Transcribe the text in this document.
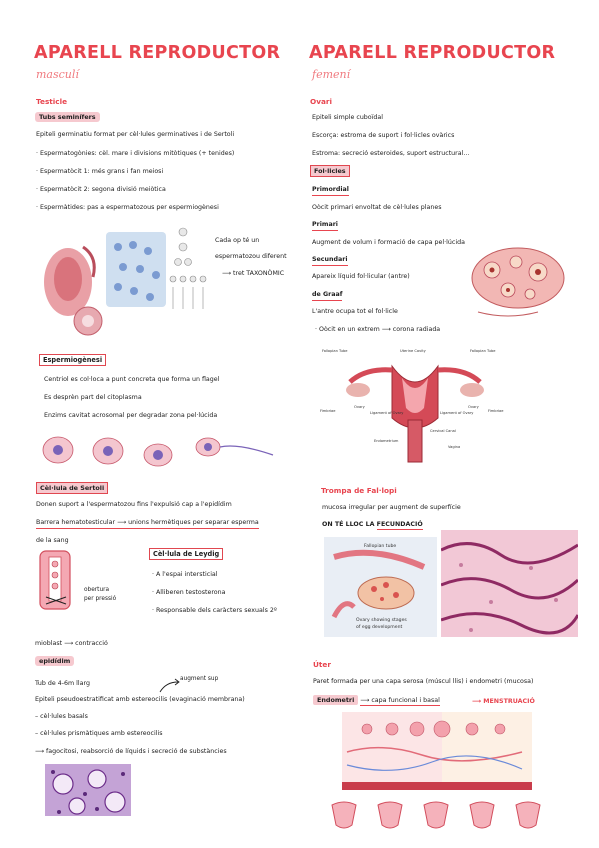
APARELL REPRODUCTOR
masculí
Testicle
Tubs seminífers
Epiteli germinatiu format per cèl·lules germinatives i de Sertoli
· Espermatogònies: cèl. mare i divisions mitòtiques (+ tenides)
· Espermatòcit 1: més grans i fan meiosi
· Espermatòcit 2: segona divisió meiòtica
· Espermàtides: pas a espermatozous per espermiogènesi
Cada op té un
espermatozou diferent
⟶ tret TAXONÒMIC
Espermiogènesi
Centriol es col·loca a punt concreta que forma un flagel
Es desprèn part del citoplasma
Enzims cavitat acrosomal per degradar zona pel·lúcida
Cèl·lula de Sertoli
Donen suport a l'espermatozou fins l'expulsió cap a l'epidídim
Barrera hematotesticular ⟶ unions hermètiques per separar esperma
de la sang
obertura
per pressió
Cèl·lula de Leydig
· A l'espai intersticial
· Alliberen testosterona
· Responsable dels caràcters sexuals 2º
mioblast ⟶ contracció
epidídim
augment sup
Tub de 4-6m llarg
Epiteli pseudoestratificat amb estereocilis (evaginació membrana)
– cèl·lules basals
– cèl·lules prismàtiques amb estereocilis
⟶ fagocitosi, reabsorció de líquids i secreció de substàncies
APARELL REPRODUCTOR
femení
Ovari
Epiteli simple cuboïdal
Escorça: estroma de suport i fol·licles ovàrics
Estroma: secreció esteroides, suport estructural...
Fol·licles
Primordial
Oòcit primari envoltat de cèl·lules planes
Primari
Augment de volum i formació de capa pel·lúcida
Secundari
Apareix líquid fol·licular (antre)
de Graaf
L'antre ocupa tot el fol·licle
· Oòcit en un extrem ⟶ corona radiada
Fallopian Tube	Uterine Cavity	Fallopian Tube
Ovary	Ovary
Fimbriae	Ligament of Ovary	Ligament of Ovary	Fimbriae
Cervical Canal
Endometrium
Vagina
Trompa de Fal·lopi
mucosa irregular per augment de superfície
ON TÉ LLOC LA FECUNDACIÓ
Fallopian tube
Ovary showing stages
of egg development
Úter
Paret formada per una capa serosa (múscul llis) i endometri (mucosa)
Endometri ⟶ capa funcional i basal	⟶ MENSTRUACIÓ
